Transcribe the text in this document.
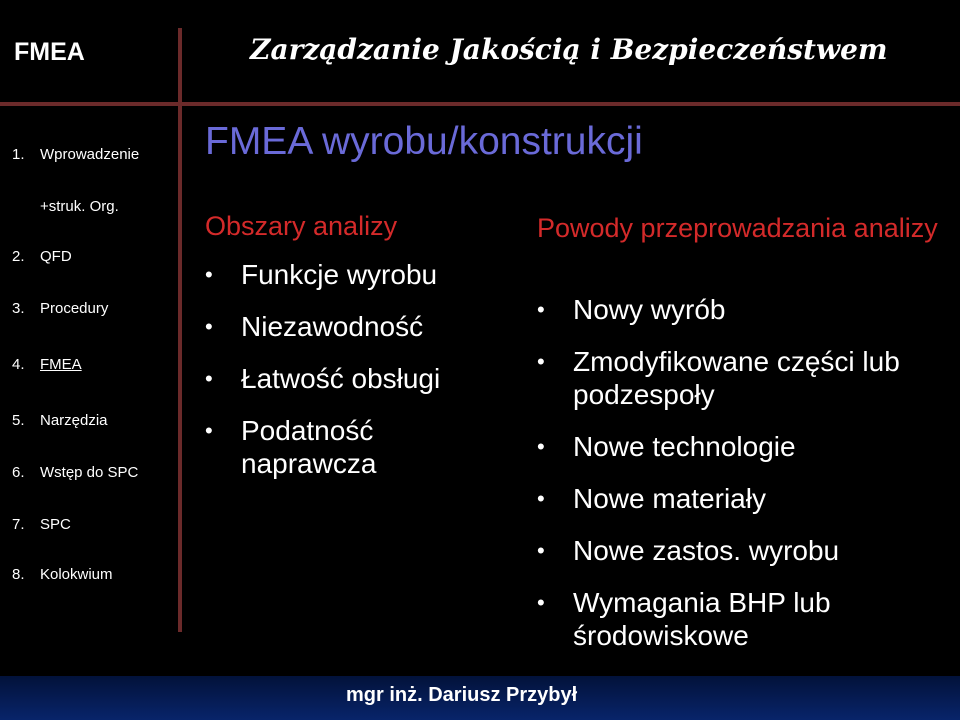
FMEA	Zarządzanie Jakością i Bezpieczeństwem
1. Wprowadzenie
+struk. Org.
2. QFD
3. Procedury
4. FMEA
5. Narzędzia
6. Wstęp do SPC
7. SPC
8. Kolokwium
FMEA wyrobu/konstrukcji
Obszary analizy
• Funkcje wyrobu
• Niezawodność
• Łatwość obsługi
• Podatność naprawcza
Powody przeprowadzania analizy
• Nowy wyrób
• Zmodyfikowane części lub podzespoły
• Nowe technologie
• Nowe materiały
• Nowe zastos. wyrobu
• Wymagania BHP lub środowiskowe
mgr inż. Dariusz Przybył
